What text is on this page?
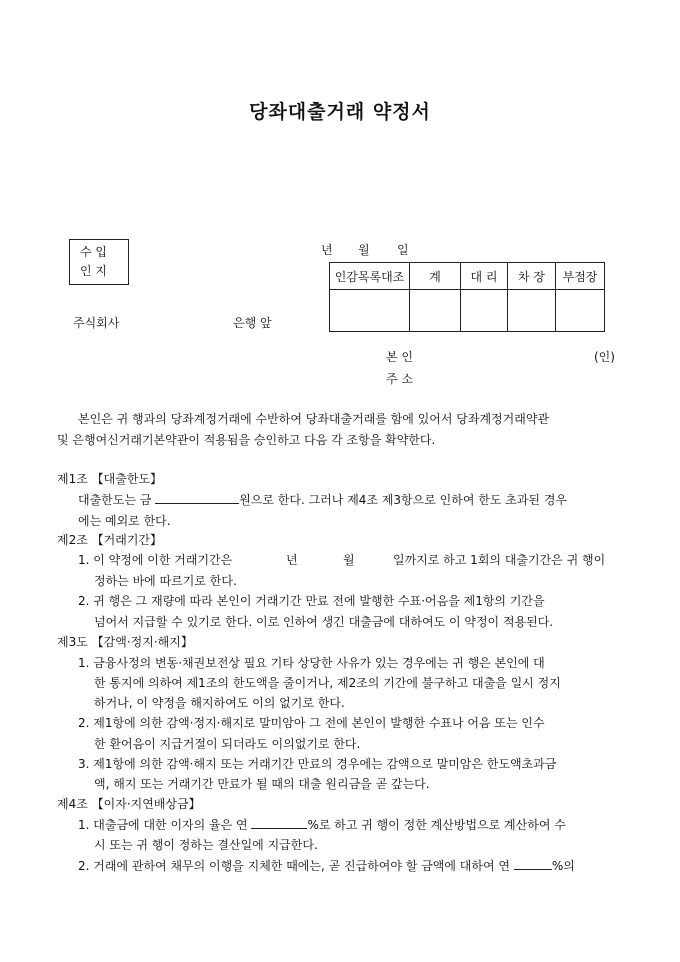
당좌대출거래 약정서
수 입
인 지
년 월 일
인감목록대조	계	대 리	차 장	부점장

주식회사	은행 앞
본 인	(인)
주 소
본인은 귀 행과의 당좌계정거래에 수반하여 당좌대출거래를 함에 있어서 당좌계정거래약관
및 은행여신거래기본약관이 적용됨을 승인하고 다음 각 조항을 확약한다.
제1조 【대출한도】
대출한도는 금	원으로 한다. 그러나 제4조 제3항으로 인하여 한도 초과된 경우
에는 예외로 한다.
제2조 【거래기간】
1. 이 약정에 이한 거래기간은	년	월	일까지로 하고 1회의 대출기간은 귀 행이
정하는 바에 따르기로 한다.
2. 귀 행은 그 재량에 따라 본인이 거래기간 만료 전에 발행한 수표·어음을 제1항의 기간을
넘어서 지급할 수 있기로 한다. 이로 인하여 생긴 대출금에 대하여도 이 약정이 적용된다.
제3도 【감액·정지·해지】
1. 금융사정의 변동·채권보전상 필요 기타 상당한 사유가 있는 경우에는 귀 행은 본인에 대
한 통지에 의하여 제1조의 한도액을 줄이거나, 제2조의 기간에 불구하고 대출을 일시 정지
하거나, 이 약정을 해지하여도 이의 없기로 한다.
2. 제1항에 의한 감액·정지·해지로 말미암아 그 전에 본인이 발행한 수표나 어음 또는 인수
한 환어음이 지급거절이 되더라도 이의없기로 한다.
3. 제1항에 의한 감액·해지 또는 거래기간 만료의 경우에는 감액으로 말미암은 한도액초과금
액, 해지 또는 거래기간 만료가 될 때의 대출 원리금을 곧 갚는다.
제4조 【이자·지연배상금】
1. 대출금에 대한 이자의 율은 연	%로 하고 귀 행이 정한 계산방법으로 계산하여 수
시 또는 귀 행이 정하는 결산일에 지급한다.
2. 거래에 관하여 채무의 이행을 지체한 때에는, 곧 진급하여야 할 금액에 대하여 연	%의
